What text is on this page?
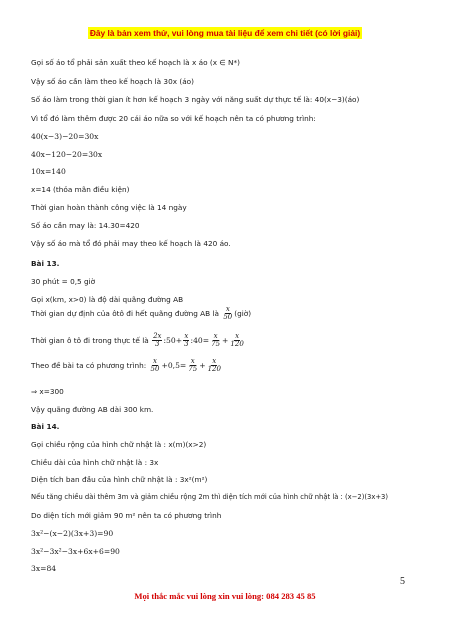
Đây là bản xem thử, vui lòng mua tài liệu để xem chi tiết (có lời giải)
Gọi số áo tổ phải sản xuất theo kế hoạch là x áo (x ∈ N*)
Vậy số áo cần làm theo kế hoạch là 30x (áo)
Số áo làm trong thời gian ít hơn kế hoạch 3 ngày với năng suất dự thực tế là: 40(x−3)(áo)
Vì tổ đó làm thêm được 20 cái áo nữa so với kế hoạch nên ta có phương trình:
40(x−3)−20=30x
40x−120−20=30x
10x=140
x=14 (thỏa mãn điều kiện)
Thời gian hoàn thành công việc là 14 ngày
Số áo cần may là: 14.30=420
Vậy số áo mà tổ đó phải may theo kế hoạch là 420 áo.
Bài 13.
30 phút = 0,5 giờ
Gọi x(km, x>0) là độ dài quãng đường AB
Thời gian dự định của ôtô đi hết quãng đường AB là $\frac{x}{50}$ (giờ)
Thời gian ô tô đi trong thực tế là $\frac{2x}{3}$ :50+ $\frac{x}{3}$ :40= $\frac{x}{75} + \frac{x}{120}$
Theo đề bài ta có phương trình: $\frac{x}{50} +0,5= \frac{x}{75} + \frac{x}{120}$
⇒ x=300
Vậy quãng đường AB dài 300 km.
Bài 14.
Gọi chiều rộng của hình chữ nhật là : x(m)(x>2)
Chiều dài của hình chữ nhật là : 3x
Diện tích ban đầu của hình chữ nhật là : 3x²(m²)
Nếu tăng chiều dài thêm 3m và giảm chiều rộng 2m thì diện tích mới của hình chữ nhật là : (x−2)(3x+3)
Do diện tích mới giảm 90 m² nên ta có phương trình
3x²−(x−2)(3x+3)=90
3x²−3x²−3x+6x+6=90
3x=84
5
Mọi thắc mắc vui lòng xin vui lòng: 084 283 45 85
